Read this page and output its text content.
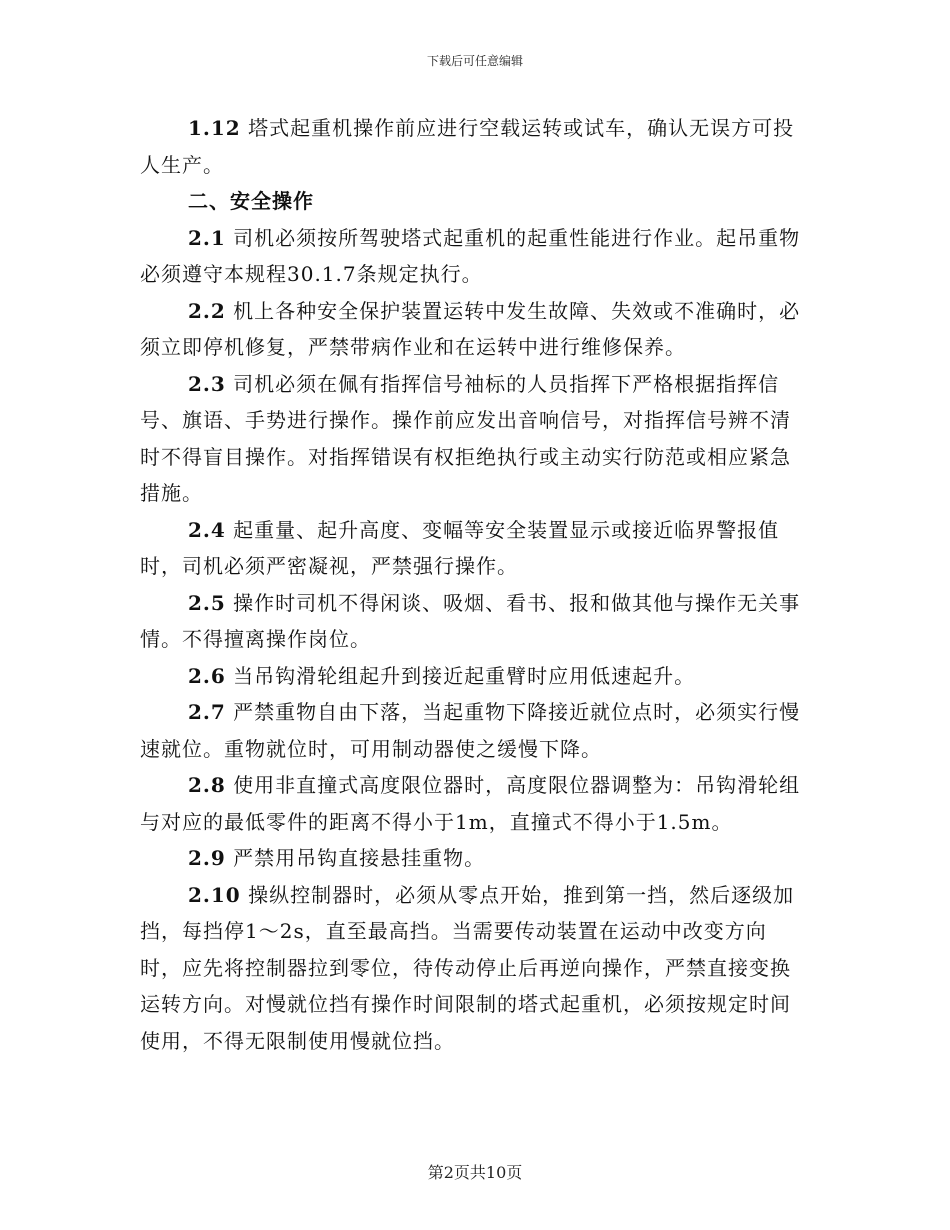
下载后可任意编辑

1.12 塔式起重机操作前应进行空载运转或试车，确认无误方可投人生产。

二、安全操作

2.1 司机必须按所驾驶塔式起重机的起重性能进行作业。起吊重物必须遵守本规程30.1.7条规定执行。

2.2 机上各种安全保护装置运转中发生故障、失效或不准确时，必须立即停机修复，严禁带病作业和在运转中进行维修保养。

2.3 司机必须在佩有指挥信号袖标的人员指挥下严格根据指挥信号、旗语、手势进行操作。操作前应发出音响信号，对指挥信号辨不清时不得盲目操作。对指挥错误有权拒绝执行或主动实行防范或相应紧急措施。

2.4 起重量、起升高度、变幅等安全装置显示或接近临界警报值时，司机必须严密凝视，严禁强行操作。

2.5 操作时司机不得闲谈、吸烟、看书、报和做其他与操作无关事情。不得擅离操作岗位。

2.6 当吊钩滑轮组起升到接近起重臂时应用低速起升。

2.7 严禁重物自由下落，当起重物下降接近就位点时，必须实行慢速就位。重物就位时，可用制动器使之缓慢下降。

2.8 使用非直撞式高度限位器时，高度限位器调整为：吊钩滑轮组与对应的最低零件的距离不得小于1m，直撞式不得小于1.5m。

2.9 严禁用吊钩直接悬挂重物。

2.10 操纵控制器时，必须从零点开始，推到第一挡，然后逐级加挡，每挡停1～2s，直至最高挡。当需要传动装置在运动中改变方向时，应先将控制器拉到零位，待传动停止后再逆向操作，严禁直接变换运转方向。对慢就位挡有操作时间限制的塔式起重机，必须按规定时间使用，不得无限制使用慢就位挡。

第2页共10页
